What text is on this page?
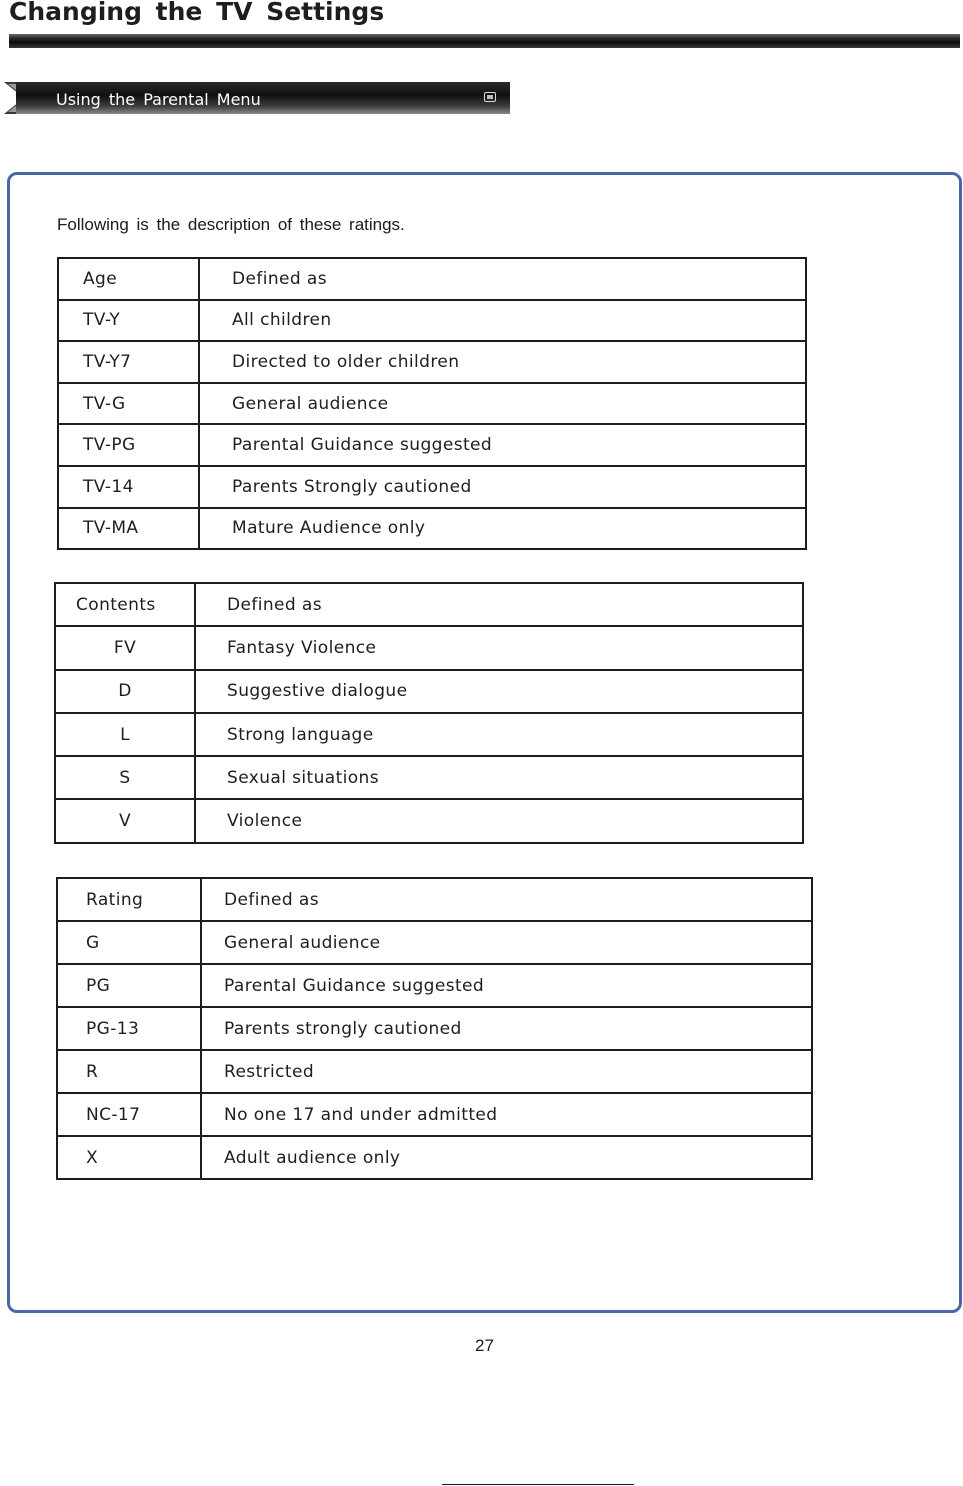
Changing the TV Settings
Using the Parental Menu

Following is the description of these ratings.

Age	Defined as
TV-Y	All children
TV-Y7	Directed to older children
TV-G	General audience
TV-PG	Parental Guidance suggested
TV-14	Parents Strongly cautioned
TV-MA	Mature Audience only
Contents	Defined as
FV	Fantasy Violence
D	Suggestive dialogue
L	Strong language
S	Sexual situations
V	Violence
Rating	Defined as
G	General audience
PG	Parental Guidance suggested
PG-13	Parents strongly cautioned
R	Restricted
NC-17	No one 17 and under admitted
X	Adult audience only
27
